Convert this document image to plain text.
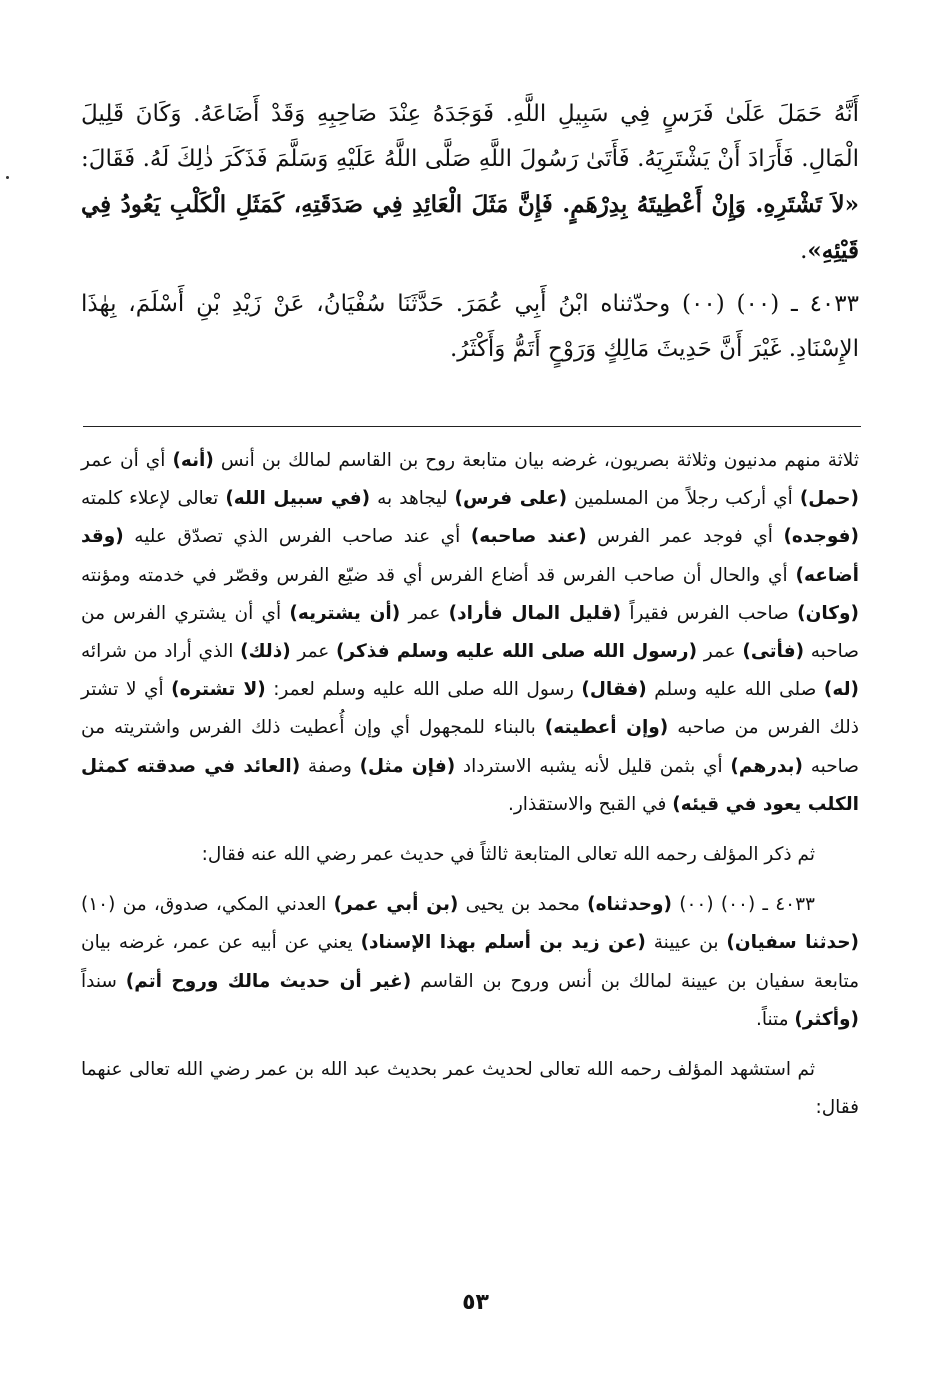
أَنَّهُ حَمَلَ عَلَىٰ فَرَسٍ فِي سَبِيلِ اللَّهِ. فَوَجَدَهُ عِنْدَ صَاحِبِهِ وَقَدْ أَضَاعَهُ. وَكَانَ قَلِيلَ الْمَالِ. فَأَرَادَ أَنْ يَشْتَرِيَهُ. فَأَتَىٰ رَسُولَ اللَّهِ صَلَّى اللَّهُ عَلَيْهِ وَسَلَّمَ فَذَكَرَ ذٰلِكَ لَهُ. فَقَالَ: «لاَ تَشْتَرِهِ. وَإِنْ أَعْطِيتَهُ بِدِرْهَمٍ. فَإِنَّ مَثَلَ الْعَائِدِ فِي صَدَقَتِهِ، كَمَثَلِ الْكَلْبِ يَعُودُ فِي قَيْئِهِ».

٤٠٣٣ ـ (٠٠) (٠٠) وحدّثناه ابْنُ أَبِي عُمَرَ. حَدَّثَنَا سُفْيَانُ، عَنْ زَيْدِ بْنِ أَسْلَمَ، بِهٰذَا الإِسْنَادِ. غَيْرَ أَنَّ حَدِيثَ مَالِكٍ وَرَوْحٍ أَتَمُّ وَأَكْثَرُ.

ثلاثة منهم مدنيون وثلاثة بصريون، غرضه بيان متابعة روح بن القاسم لمالك بن أنس (أنه) أي أن عمر (حمل) أي أركب رجلاً من المسلمين (على فرس) ليجاهد به (في سبيل الله) تعالى لإعلاء كلمته (فوجده) أي فوجد عمر الفرس (عند صاحبه) أي عند صاحب الفرس الذي تصدّق عليه (وقد أضاعه) أي والحال أن صاحب الفرس قد أضاع الفرس أي قد ضيّع الفرس وقصّر في خدمته ومؤنته (وكان) صاحب الفرس فقيراً (قليل المال فأراد) عمر (أن يشتريه) أي أن يشتري الفرس من صاحبه (فأتى) عمر (رسول الله صلى الله عليه وسلم فذكر) عمر (ذلك) الذي أراد من شرائه (له) صلى الله عليه وسلم (فقال) رسول الله صلى الله عليه وسلم لعمر: (لا تشتره) أي لا تشتر ذلك الفرس من صاحبه (وإن أعطيته) بالبناء للمجهول أي وإن أُعطيت ذلك الفرس واشتريته من صاحبه (بدرهم) أي بثمن قليل لأنه يشبه الاسترداد (فإن مثل) وصفة (العائد في صدقته كمثل الكلب يعود في قيئه) في القبح والاستقذار.

ثم ذكر المؤلف رحمه الله تعالى المتابعة ثالثاً في حديث عمر رضي الله عنه فقال:

٤٠٣٣ ـ (٠٠) (٠٠) (وحدثناه) محمد بن يحيى (بن أبي عمر) العدني المكي، صدوق، من (١٠) (حدثنا سفيان) بن عيينة (عن زيد بن أسلم بهذا الإسناد) يعني عن أبيه عن عمر، غرضه بيان متابعة سفيان بن عيينة لمالك بن أنس وروح بن القاسم (غير أن حديث مالك وروح أتم) سنداً (وأكثر) متناً.

ثم استشهد المؤلف رحمه الله تعالى لحديث عمر بحديث عبد الله بن عمر رضي الله تعالى عنهما فقال:

٥٣
